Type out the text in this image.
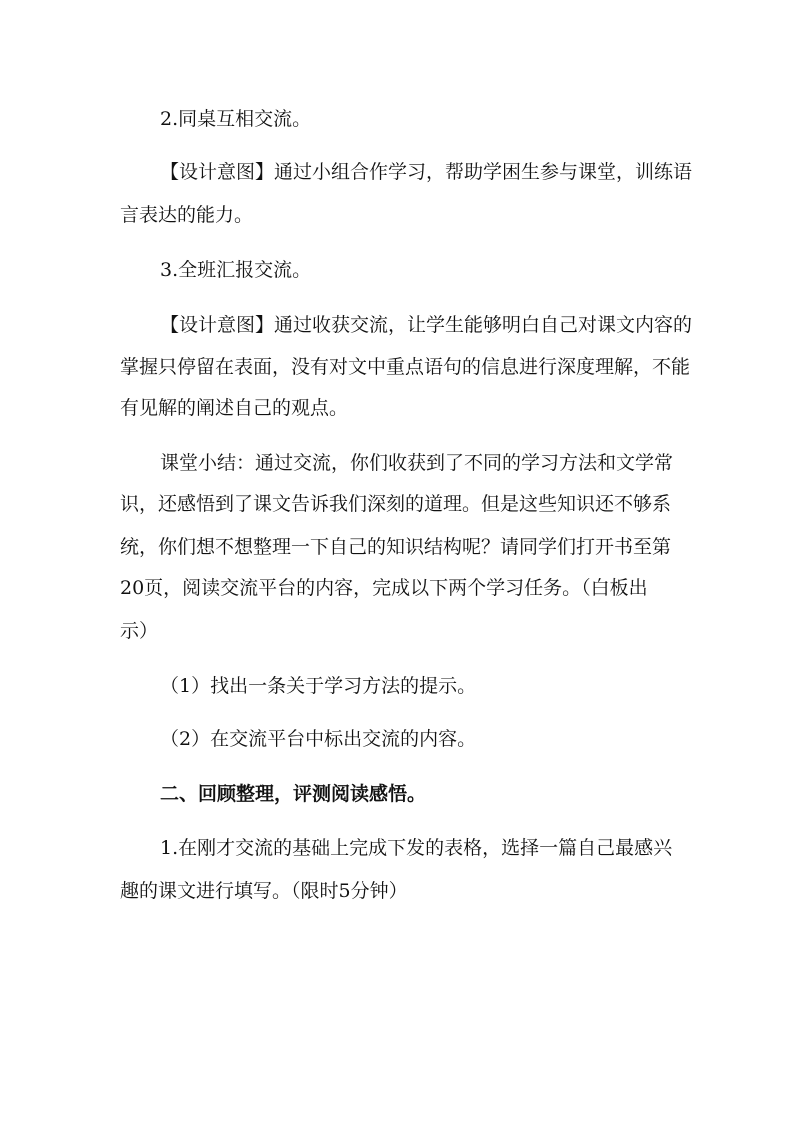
2.同桌互相交流。
【设计意图】通过小组合作学习，帮助学困生参与课堂，训练语
言表达的能力。
3.全班汇报交流。
【设计意图】通过收获交流，让学生能够明白自己对课文内容的
掌握只停留在表面，没有对文中重点语句的信息进行深度理解，不能
有见解的阐述自己的观点。
课堂小结：通过交流，你们收获到了不同的学习方法和文学常
识，还感悟到了课文告诉我们深刻的道理。但是这些知识还不够系
统，你们想不想整理一下自己的知识结构呢？请同学们打开书至第
20页，阅读交流平台的内容，完成以下两个学习任务。（白板出
示）
（1）找出一条关于学习方法的提示。
（2）在交流平台中标出交流的内容。
二、回顾整理，评测阅读感悟。
1.在刚才交流的基础上完成下发的表格，选择一篇自己最感兴
趣的课文进行填写。（限时5分钟）
